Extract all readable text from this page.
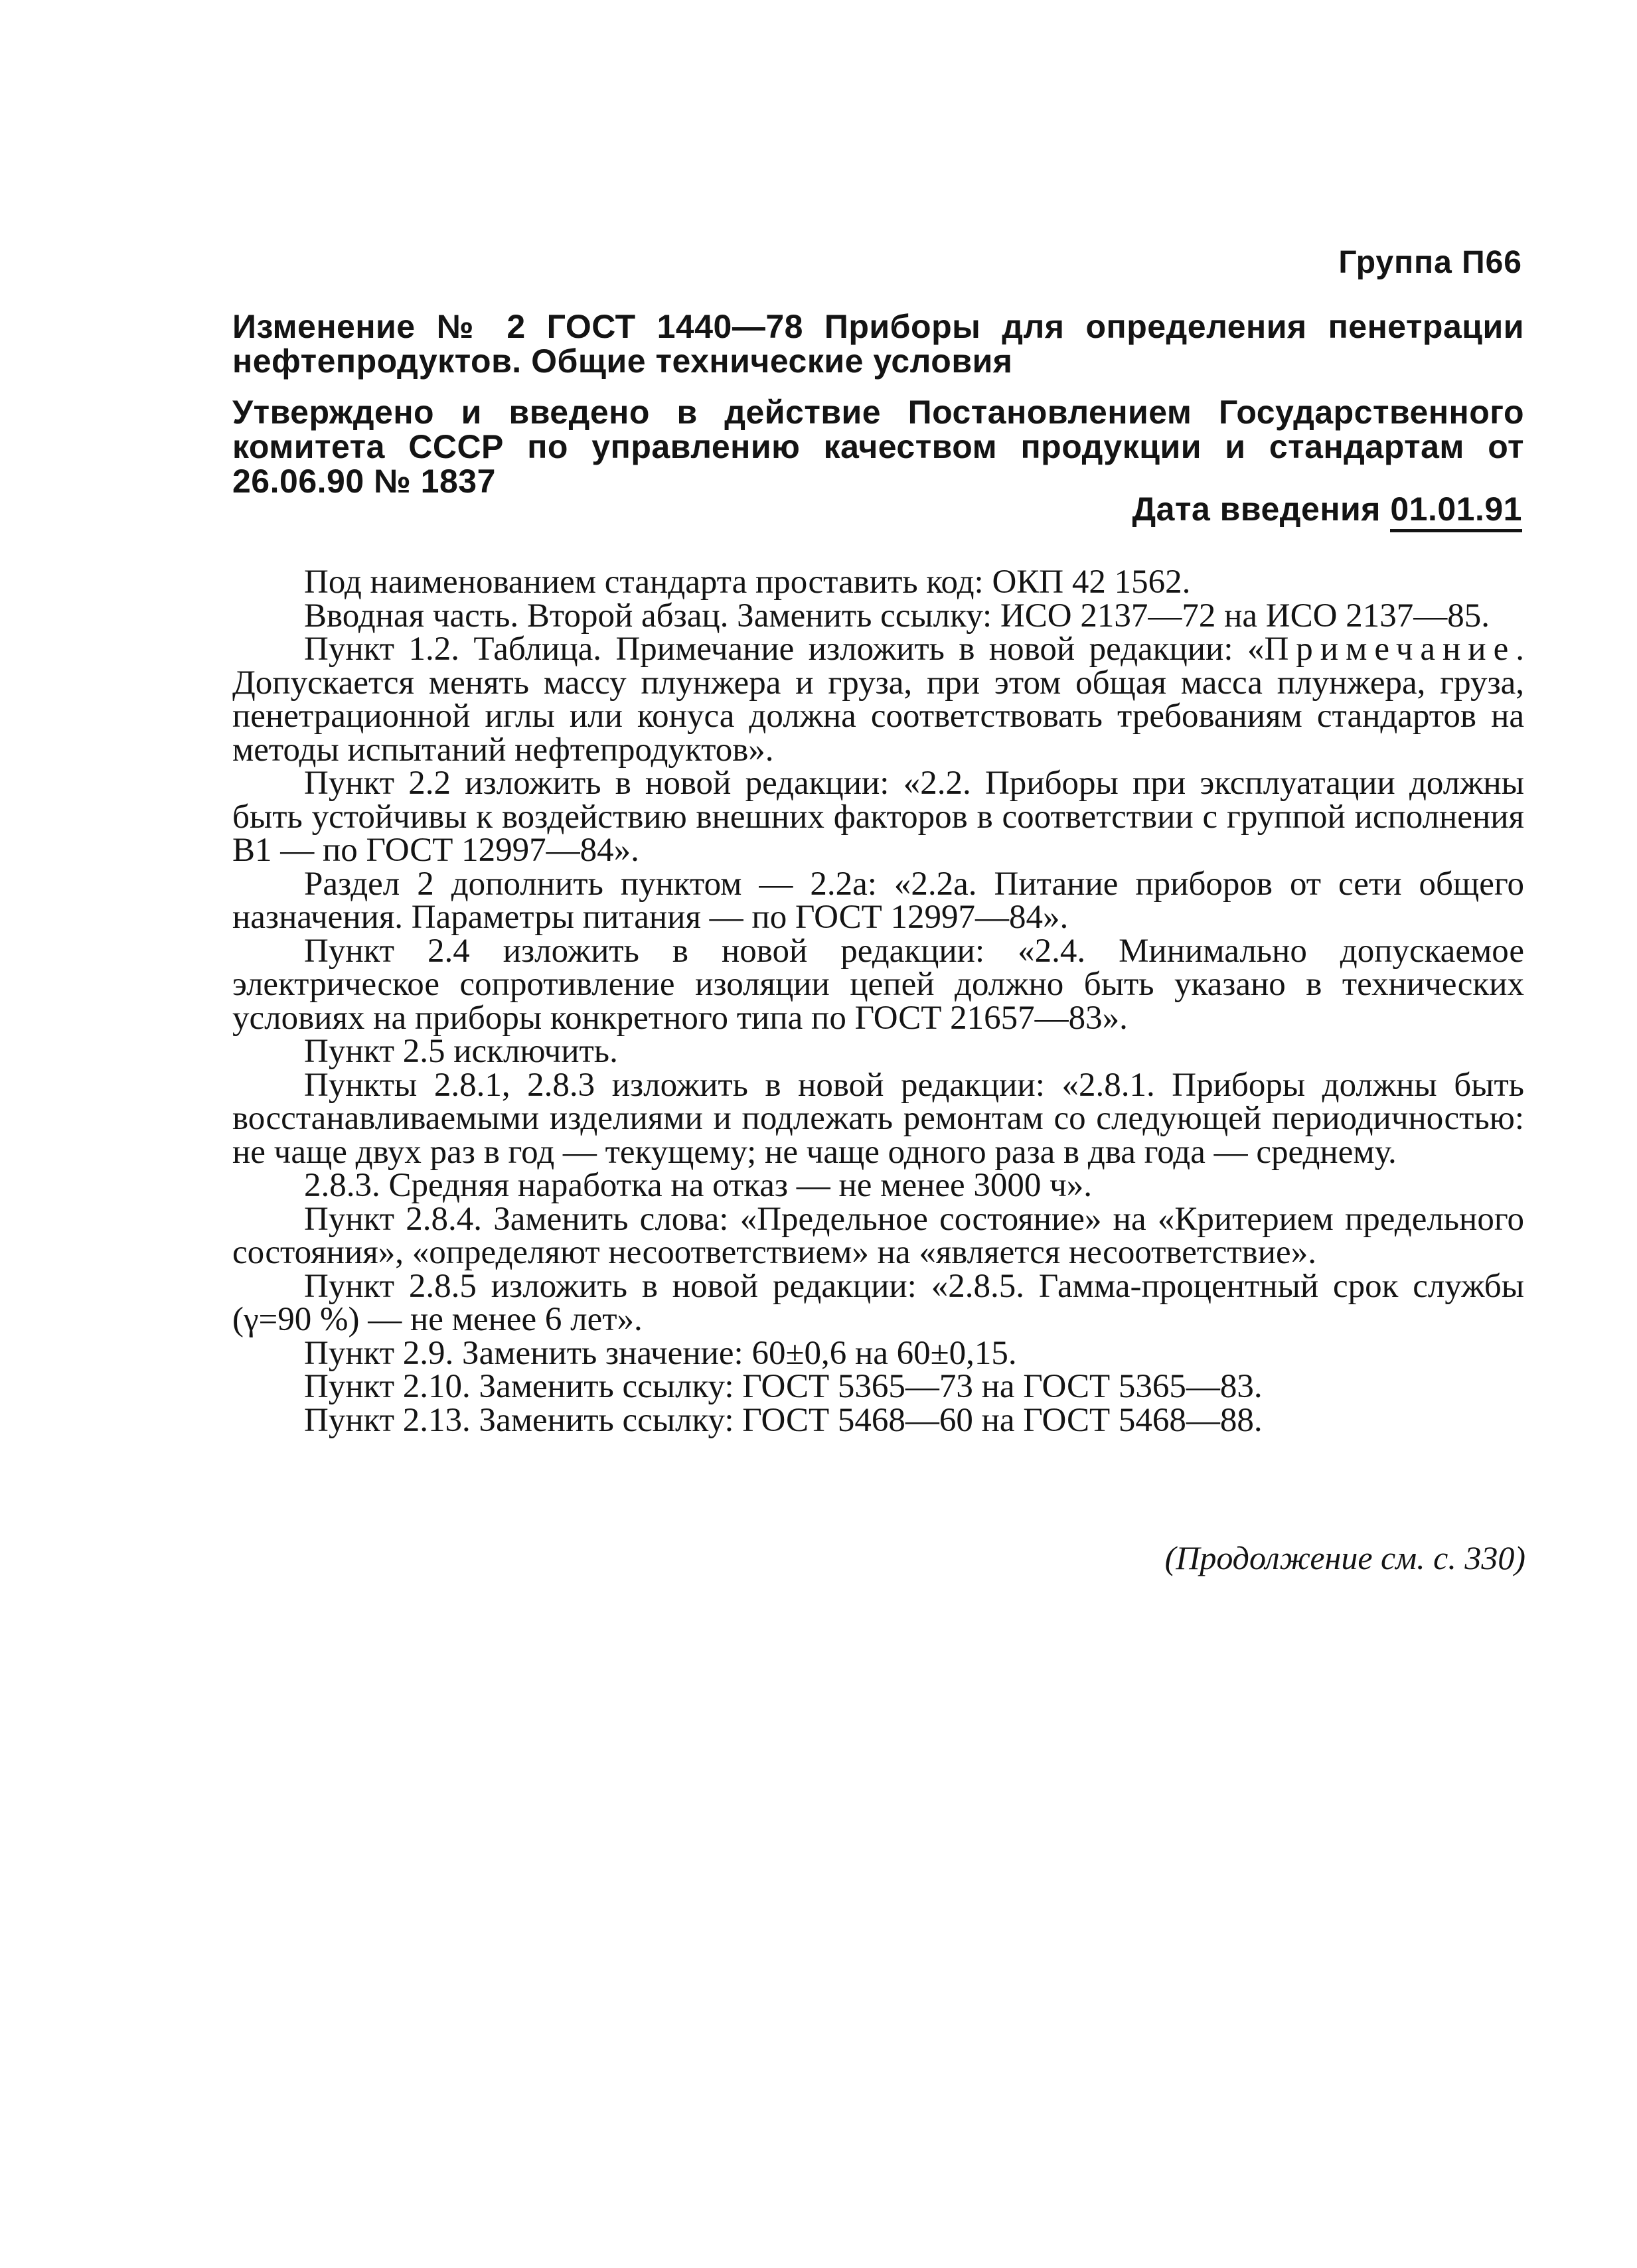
Группа П66
Изменение № 2 ГОСТ 1440—78 Приборы для определения пенетрации нефтепродуктов. Общие технические условия
Утверждено и введено в действие Постановлением Государственного комитета СССР по управлению качеством продукции и стандартам от 26.06.90 № 1837
Дата введения 01.01.91

Под наименованием стандарта проставить код: ОКП 42 1562.

Вводная часть. Второй абзац. Заменить ссылку: ИСО 2137—72 на ИСО 2137—85.

Пункт 1.2. Таблица. Примечание изложить в новой редакции: «Примечание. Допускается менять массу плунжера и груза, при этом общая масса плунжера, груза, пенетрационной иглы или конуса должна соответствовать требованиям стандартов на методы испытаний нефтепродуктов».

Пункт 2.2 изложить в новой редакции: «2.2. Приборы при эксплуатации должны быть устойчивы к воздействию внешних факторов в соответствии с группой исполнения В1 — по ГОСТ 12997—84».

Раздел 2 дополнить пунктом — 2.2а: «2.2а. Питание приборов от сети общего назначения. Параметры питания — по ГОСТ 12997—84».

Пункт 2.4 изложить в новой редакции: «2.4. Минимально допускаемое электрическое сопротивление изоляции цепей должно быть указано в технических условиях на приборы конкретного типа по ГОСТ 21657—83».

Пункт 2.5 исключить.

Пункты 2.8.1, 2.8.3 изложить в новой редакции: «2.8.1. Приборы должны быть восстанавливаемыми изделиями и подлежать ремонтам со следующей периодичностью: не чаще двух раз в год — текущему; не чаще одного раза в два года — среднему.

2.8.3. Средняя наработка на отказ — не менее 3000 ч».

Пункт 2.8.4. Заменить слова: «Предельное состояние» на «Критерием предельного состояния», «определяют несоответствием» на «является несоответствие».

Пункт 2.8.5 изложить в новой редакции: «2.8.5. Гамма-процентный срок службы (γ=90 %) — не менее 6 лет».

Пункт 2.9. Заменить значение: 60±0,6 на 60±0,15.

Пункт 2.10. Заменить ссылку: ГОСТ 5365—73 на ГОСТ 5365—83.

Пункт 2.13. Заменить ссылку: ГОСТ 5468—60 на ГОСТ 5468—88.

(Продолжение см. с. 330)
